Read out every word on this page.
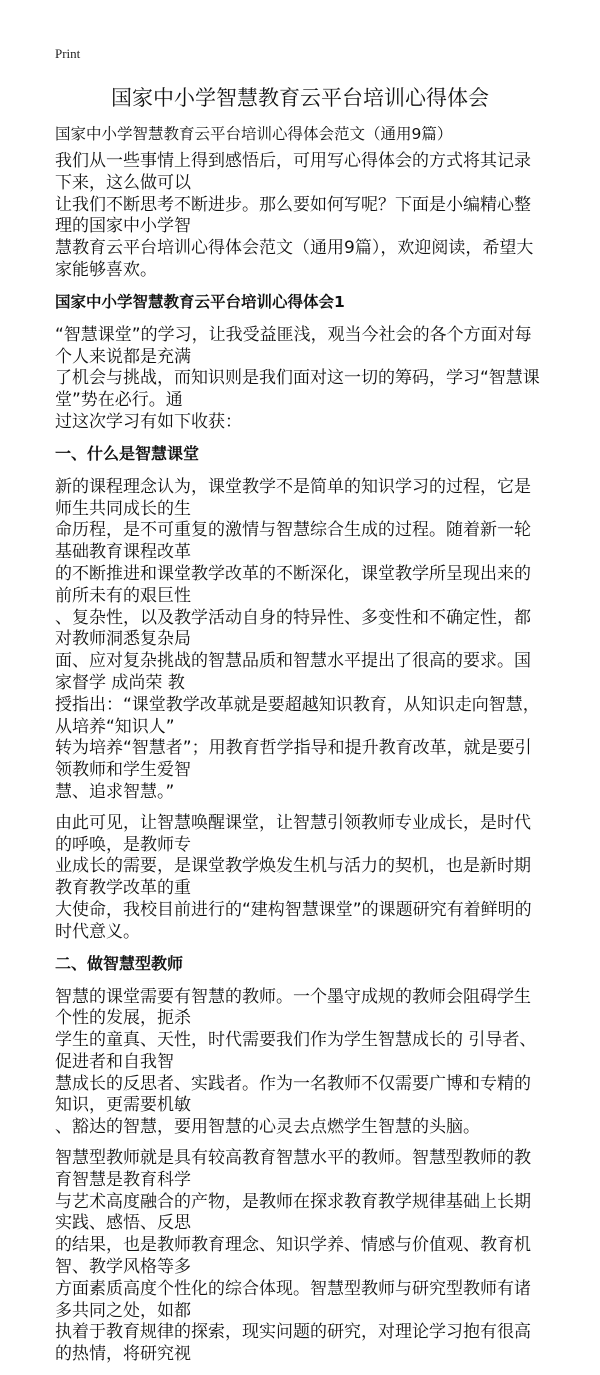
Print
国家中小学智慧教育云平台培训心得体会
国家中小学智慧教育云平台培训心得体会范文（通用9篇）
我们从一些事情上得到感悟后，可用写心得体会的方式将其记录下来，这么做可以
让我们不断思考不断进步。那么要如何写呢？下面是小编精心整理的国家中小学智
慧教育云平台培训心得体会范文（通用9篇），欢迎阅读，希望大家能够喜欢。
国家中小学智慧教育云平台培训心得体会1
“智慧课堂”的学习，让我受益匪浅，观当今社会的各个方面对每个人来说都是充满
了机会与挑战，而知识则是我们面对这一切的筹码，学习“智慧课堂”势在必行。通
过这次学习有如下收获：
一、什么是智慧课堂
新的课程理念认为，课堂教学不是简单的知识学习的过程，它是师生共同成长的生
命历程，是不可重复的激情与智慧综合生成的过程。随着新一轮基础教育课程改革
的不断推进和课堂教学改革的不断深化，课堂教学所呈现出来的前所未有的艰巨性
、复杂性，以及教学活动自身的特异性、多变性和不确定性，都对教师洞悉复杂局
面、应对复杂挑战的智慧品质和智慧水平提出了很高的要求。国家督学 成尚荣 教
授指出：“课堂教学改革就是要超越知识教育，从知识走向智慧，从培养“知识人”
转为培养“智慧者”；用教育哲学指导和提升教育改革，就是要引领教师和学生爱智
慧、追求智慧。”
由此可见，让智慧唤醒课堂，让智慧引领教师专业成长，是时代的呼唤，是教师专
业成长的需要，是课堂教学焕发生机与活力的契机，也是新时期教育教学改革的重
大使命，我校目前进行的“建构智慧课堂”的课题研究有着鲜明的时代意义。
二、做智慧型教师
智慧的课堂需要有智慧的教师。一个墨守成规的教师会阻碍学生个性的发展，扼杀
学生的童真、天性，时代需要我们作为学生智慧成长的 引导者、促进者和自我智
慧成长的反思者、实践者。作为一名教师不仅需要广博和专精的知识，更需要机敏
、豁达的智慧，要用智慧的心灵去点燃学生智慧的头脑。
智慧型教师就是具有较高教育智慧水平的教师。智慧型教师的教育智慧是教育科学
与艺术高度融合的产物，是教师在探求教育教学规律基础上长期实践、感悟、反思
的结果，也是教师教育理念、知识学养、情感与价值观、教育机智、教学风格等多
方面素质高度个性化的综合体现。智慧型教师与研究型教师有诸多共同之处，如都
执着于教育规律的探索，现实问题的研究，对理论学习抱有很高的热情，将研究视
